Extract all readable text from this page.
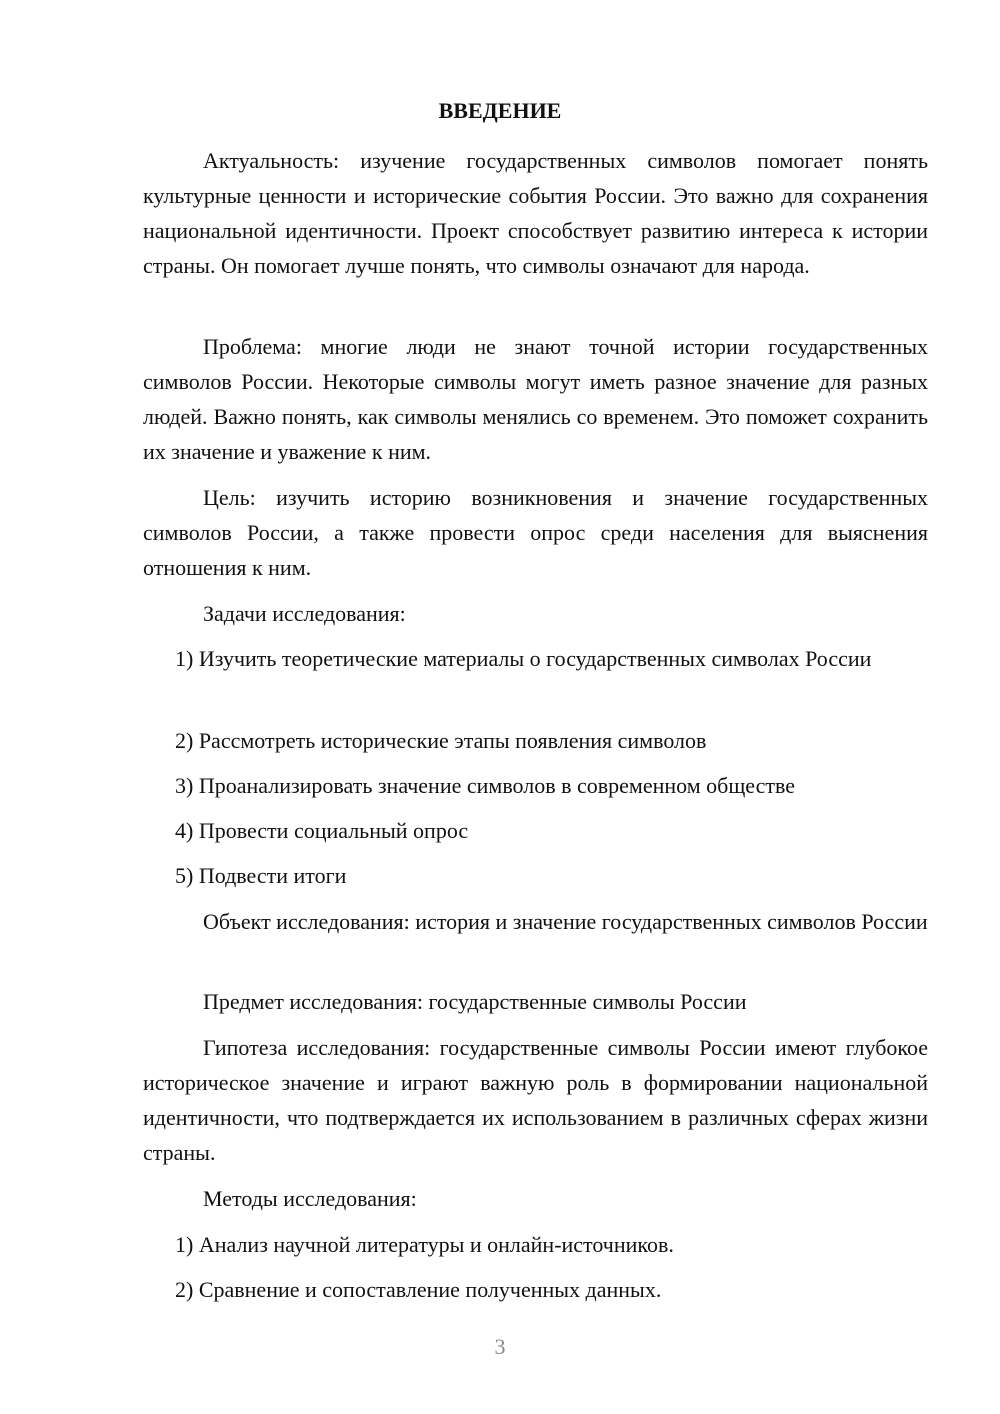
ВВЕДЕНИЕ

Актуальность: изучение государственных символов помогает понять культурные ценности и исторические события России. Это важно для сохранения национальной идентичности. Проект способствует развитию интереса к истории страны. Он помогает лучше понять, что символы означают для народа.

Проблема: многие люди не знают точной истории государственных символов России. Некоторые символы могут иметь разное значение для разных людей. Важно понять, как символы менялись со временем. Это поможет сохранить их значение и уважение к ним.

Цель: изучить историю возникновения и значение государственных символов России, а также провести опрос среди населения для выяснения отношения к ним.

Задачи исследования:

1) Изучить теоретические материалы о государственных символах России

2) Рассмотреть исторические этапы появления символов

3) Проанализировать значение символов в современном обществе

4) Провести социальный опрос

5) Подвести итоги

Объект исследования: история и значение государственных символов России

Предмет исследования: государственные символы России

Гипотеза исследования: государственные символы России имеют глубокое историческое значение и играют важную роль в формировании национальной идентичности, что подтверждается их использованием в различных сферах жизни страны.

Методы исследования:

1) Анализ научной литературы и онлайн-источников.

2) Сравнение и сопоставление полученных данных.

3
